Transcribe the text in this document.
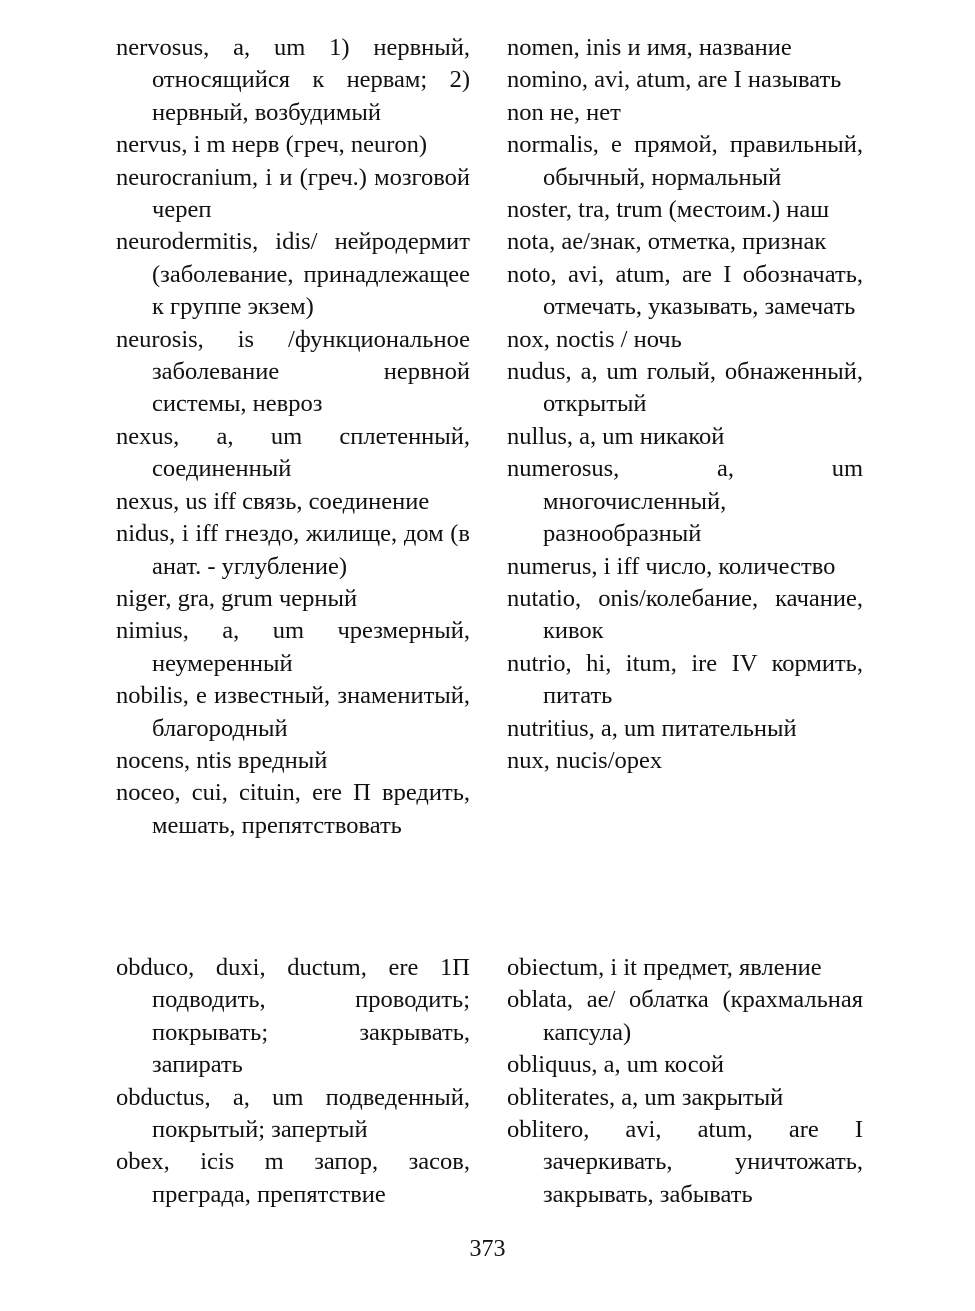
nervosus, a, um 1) нервный, относящийся к нервам; 2) нервный, возбудимый
nervus, i m нерв (греч, neuron)
neurocranium, i и (греч.) мозговой череп
neurodermitis, idis/ нейродермит (заболевание, принадлежащее к группе экзем)
neurosis, is /функциональное заболевание нервной системы, невроз
nexus, a, um сплетенный, соединенный
nexus, us iff связь, соединение
nidus, i iff гнездо, жилище, дом (в анат. - углубление)
niger, gra, grum черный
nimius, a, um чрезмерный, неумеренный
nobilis, e известный, знаменитый, благородный
nocens, ntis вредный
noceo, cui, cituin, ere П вредить, мешать, препятствовать
nomen, inis и имя, название
nomino, avi, atum, are I называть
non не, нет
normalis, e прямой, правильный, обычный, нормальный
noster, tra, trum (местоим.) наш
nota, ae/знак, отметка, признак
noto, avi, atum, are I обозначать, отмечать, указывать, замечать
nox, noctis / ночь
nudus, a, um голый, обнаженный, открытый
nullus, a, um никакой
numerosus, a, um многочисленный, разнообразный
numerus, i iff число, количество
nutatio, onis/колебание, качание, кивок
nutrio, hi, itum, ire IV кормить, питать
nutritius, a, um питательный
nux, nucis/opex
obduco, duxi, ductum, ere 1П подводить, проводить; покрывать; закрывать, запирать
obductus, a, um подведенный, покрытый; запертый
obex, icis m запор, засов, преграда, препятствие
obiectum, i it предмет, явление
oblata, ae/ облатка (крахмальная капсула)
obliquus, a, um косой
obliterates, a, um закрытый
oblitero, avi, atum, are I зачеркивать, уничтожать, закрывать, забывать
373
